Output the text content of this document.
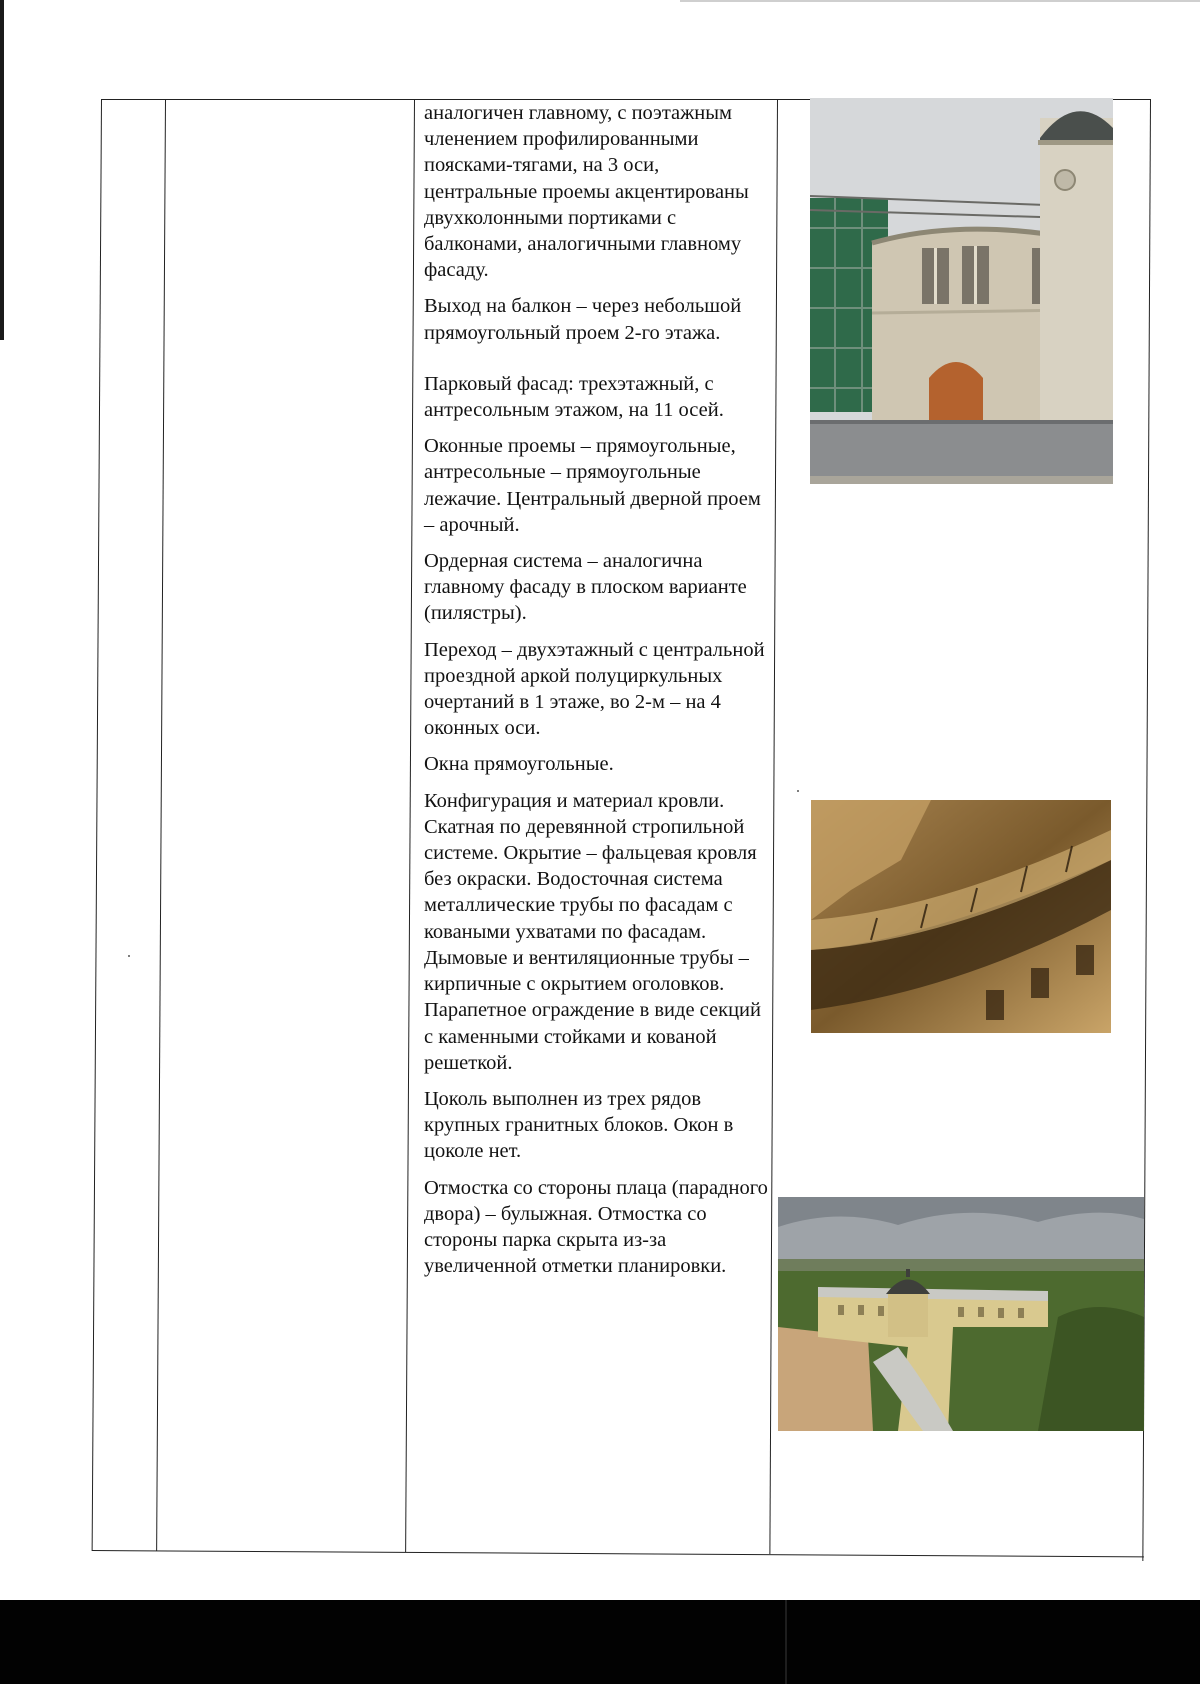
аналогичен главному, с поэтажным членением профилированными поясками-тягами, на 3 оси, центральные проемы акцентированы двухколонными портиками с балконами, аналогичными главному фасаду.

Выход на балкон – через небольшой прямоугольный проем 2-го этажа.

Парковый фасад: трехэтажный, с антресольным этажом, на 11 осей.

Оконные проемы – прямоугольные, антресольные – прямоугольные лежачие. Центральный дверной проем – арочный.

Ордерная система – аналогична главному фасаду в плоском варианте (пилястры).

Переход – двухэтажный с центральной проездной аркой полуциркульных очертаний в 1 этаже, во 2-м – на 4 оконных оси.

Окна прямоугольные.

Конфигурация и материал кровли. Скатная по деревянной стропильной системе. Окрытие – фальцевая кровля без окраски. Водосточная система металлические трубы по фасадам с коваными ухватами по фасадам. Дымовые и вентиляционные трубы – кирпичные с окрытием оголовков. Парапетное ограждение в виде секций с каменными стойками и кованой решеткой.

Цоколь выполнен из трех рядов крупных гранитных блоков. Окон в цоколе нет.

Отмостка со стороны плаца (парадного двора) – булыжная. Отмостка со стороны парка скрыта из-за увеличенной отметки планировки.
